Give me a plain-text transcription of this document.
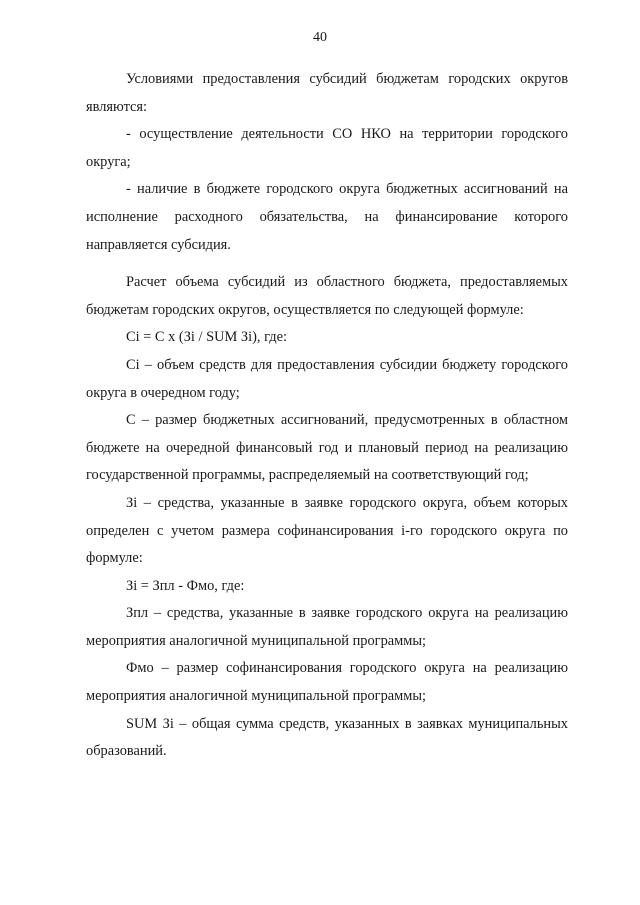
40

Условиями предоставления субсидий бюджетам городских округов являются:

- осуществление деятельности СО НКО на территории городского округа;

- наличие в бюджете городского округа бюджетных ассигнований на исполнение расходного обязательства, на финансирование которого направляется субсидия.

Расчет объема субсидий из областного бюджета, предоставляемых бюджетам городских округов, осуществляется по следующей формуле:

Сi = С х (Зi / SUM Зi), где:

Сi – объем средств для предоставления субсидии бюджету городского округа в очередном году;

С – размер бюджетных ассигнований, предусмотренных в областном бюджете на очередной финансовый год и плановый период на реализацию государственной программы, распределяемый на соответствующий год;

Зi – средства, указанные в заявке городского округа, объем которых определен с учетом размера софинансирования i-го городского округа по формуле:

Зi = Зпл - Фмо, где:

Зпл – средства, указанные в заявке городского округа на реализацию мероприятия аналогичной муниципальной программы;

Фмо – размер софинансирования городского округа на реализацию мероприятия аналогичной муниципальной программы;

SUM Зi – общая сумма средств, указанных в заявках муниципальных образований.
